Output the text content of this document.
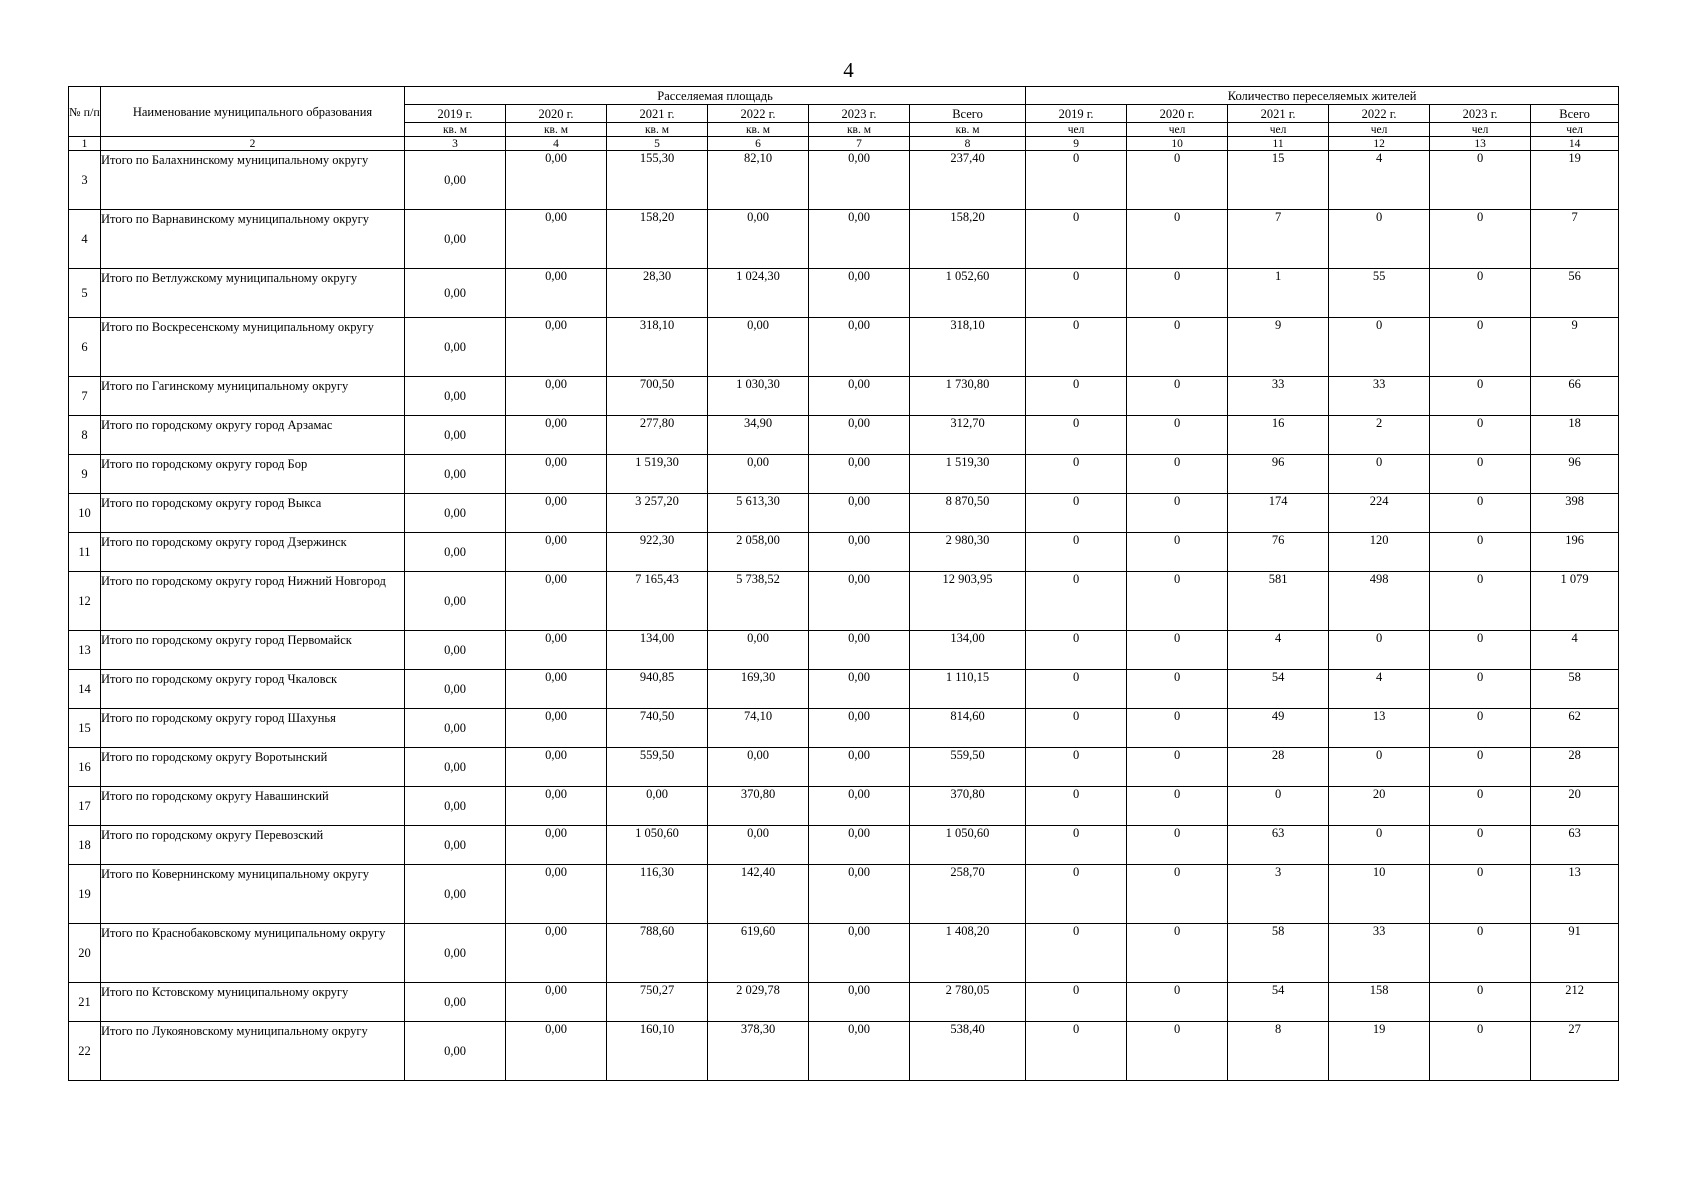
4
№ п/п	Наименование муниципального образования	Расселяемая площадь						Количество переселяемых жителей					
		2019 г.	2020 г.	2021 г.	2022 г.	2023 г.	Всего	2019 г.	2020 г.	2021 г.	2022 г.	2023 г.	Всего
		кв. м	кв. м	кв. м	кв. м	кв. м	кв. м	чел	чел	чел	чел	чел	чел
1	2	3	4	5	6	7	8	9	10	11	12	13	14
3	Итого по Балахнинскому муниципальному округу	0,00	0,00	155,30	82,10	0,00	237,40	0	0	15	4	0	19
4	Итого по Варнавинскому муниципальному округу	0,00	0,00	158,20	0,00	0,00	158,20	0	0	7	0	0	7
5	Итого по Ветлужскому муниципальному округу	0,00	0,00	28,30	1 024,30	0,00	1 052,60	0	0	1	55	0	56
6	Итого по Воскресенскому муниципальному округу	0,00	0,00	318,10	0,00	0,00	318,10	0	0	9	0	0	9
7	Итого по Гагинскому муниципальному округу	0,00	0,00	700,50	1 030,30	0,00	1 730,80	0	0	33	33	0	66
8	Итого по городскому округу город Арзамас	0,00	0,00	277,80	34,90	0,00	312,70	0	0	16	2	0	18
9	Итого по городскому округу город Бор	0,00	0,00	1 519,30	0,00	0,00	1 519,30	0	0	96	0	0	96
10	Итого по городскому округу город Выкса	0,00	0,00	3 257,20	5 613,30	0,00	8 870,50	0	0	174	224	0	398
11	Итого по городскому округу город Дзержинск	0,00	0,00	922,30	2 058,00	0,00	2 980,30	0	0	76	120	0	196
12	Итого по городскому округу город Нижний Новгород	0,00	0,00	7 165,43	5 738,52	0,00	12 903,95	0	0	581	498	0	1 079
13	Итого по городскому округу город Первомайск	0,00	0,00	134,00	0,00	0,00	134,00	0	0	4	0	0	4
14	Итого по городскому округу город Чкаловск	0,00	0,00	940,85	169,30	0,00	1 110,15	0	0	54	4	0	58
15	Итого по городскому округу город Шахунья	0,00	0,00	740,50	74,10	0,00	814,60	0	0	49	13	0	62
16	Итого по городскому округу Воротынский	0,00	0,00	559,50	0,00	0,00	559,50	0	0	28	0	0	28
17	Итого по городскому округу Навашинский	0,00	0,00	0,00	370,80	0,00	370,80	0	0	0	20	0	20
18	Итого по городскому округу Перевозский	0,00	0,00	1 050,60	0,00	0,00	1 050,60	0	0	63	0	0	63
19	Итого по Ковернинскому муниципальному округу	0,00	0,00	116,30	142,40	0,00	258,70	0	0	3	10	0	13
20	Итого по Краснобаковскому муниципальному округу	0,00	0,00	788,60	619,60	0,00	1 408,20	0	0	58	33	0	91
21	Итого по Кстовскому муниципальному округу	0,00	0,00	750,27	2 029,78	0,00	2 780,05	0	0	54	158	0	212
22	Итого по Лукояновскому муниципальному округу	0,00	0,00	160,10	378,30	0,00	538,40	0	0	8	19	0	27
